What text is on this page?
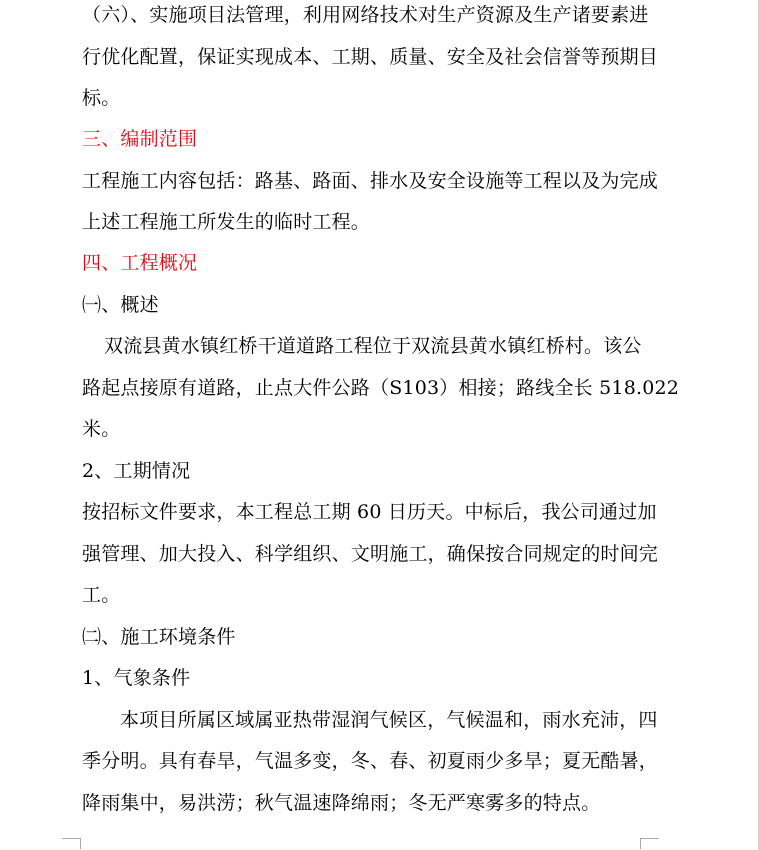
（六）、实施项目法管理，利用网络技术对生产资源及生产诸要素进
行优化配置，保证实现成本、工期、质量、安全及社会信誉等预期目
标。
三、编制范围
工程施工内容包括：路基、路面、排水及安全设施等工程以及为完成
上述工程施工所发生的临时工程。
四、工程概况
㈠、概述
双流县黄水镇红桥干道道路工程位于双流县黄水镇红桥村。该公
路起点接原有道路，止点大件公路（S103）相接；路线全长 518.022
米。
2、工期情况
按招标文件要求，本工程总工期 60 日历天。中标后，我公司通过加
强管理、加大投入、科学组织、文明施工，确保按合同规定的时间完
工。
㈡、施工环境条件
1、气象条件
本项目所属区域属亚热带湿润气候区，气候温和，雨水充沛，四
季分明。具有春旱，气温多变，冬、春、初夏雨少多旱；夏无酷暑，
降雨集中，易洪涝；秋气温速降绵雨；冬无严寒雾多的特点。
